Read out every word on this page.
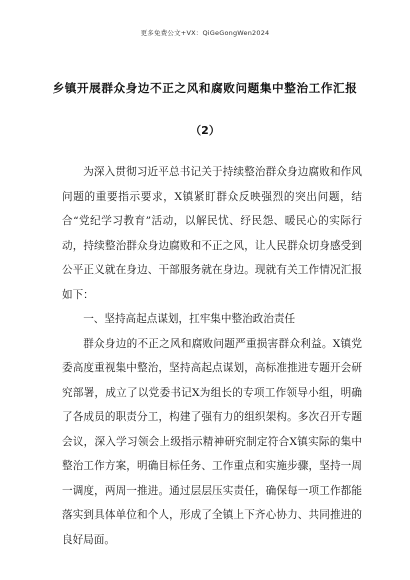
更多免费公文+VX：QiGeGongWen2024
乡镇开展群众身边不正之风和腐败问题集中整治工作汇报
（2）

为深入贯彻习近平总书记关于持续整治群众身边腐败和作风问题的重要指示要求，X镇紧盯群众反映强烈的突出问题，结合“党纪学习教育”活动，以解民忧、纾民怨、暖民心的实际行动，持续整治群众身边腐败和不正之风，让人民群众切身感受到公平正义就在身边、干部服务就在身边。现就有关工作情况汇报如下：

一、坚持高起点谋划，扛牢集中整治政治责任

群众身边的不正之风和腐败问题严重损害群众利益。X镇党委高度重视集中整治，坚持高起点谋划，高标准推进专题开会研究部署，成立了以党委书记X为组长的专项工作领导小组，明确了各成员的职责分工，构建了强有力的组织架构。多次召开专题会议，深入学习领会上级指示精神研究制定符合X镇实际的集中整治工作方案，明确目标任务、工作重点和实施步骤，坚持一周一调度，两周一推进。通过层层压实责任，确保每一项工作都能落实到具体单位和个人，形成了全镇上下齐心协力、共同推进的良好局面。
